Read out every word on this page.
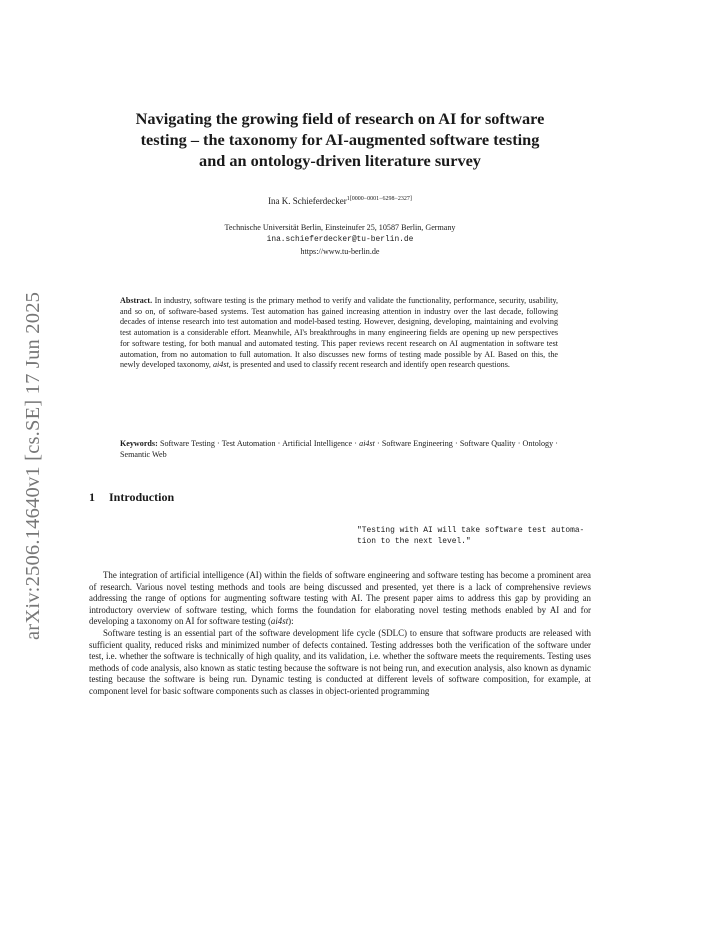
arXiv:2506.14640v1 [cs.SE] 17 Jun 2025
Navigating the growing field of research on AI for software
testing – the taxonomy for AI-augmented software testing
and an ontology-driven literature survey
Ina K. Schieferdecker$^{1[0000-0001-6298-2327]}$
Technische Universität Berlin, Einsteinufer 25, 10587 Berlin, Germany
ina.schieferdecker@tu-berlin.de
https://www.tu-berlin.de

Abstract. In industry, software testing is the primary method to verify and validate the functionality, performance, security, usability, and so on, of software-based systems. Test automation has gained increasing attention in industry over the last decade, following decades of intense research into test automation and model-based testing. However, designing, developing, maintaining and evolving test automation is a considerable effort. Meanwhile, AI's breakthroughs in many engineering fields are opening up new perspectives for software testing, for both manual and automated testing. This paper reviews recent research on AI augmentation in software test automation, from no automation to full automation. It also discusses new forms of testing made possible by AI. Based on this, the newly developed taxonomy, ai4st, is presented and used to classify recent research and identify open research questions.

Keywords: Software Testing · Test Automation · Artificial Intelligence · ai4st · Software Engineering · Software Quality · Ontology · Semantic Web

1 Introduction
"Testing with AI will take software test automa-
tion to the next level."

The integration of artificial intelligence (AI) within the fields of software engineering and software testing has become a prominent area of research. Various novel testing methods and tools are being discussed and presented, yet there is a lack of comprehensive reviews addressing the range of options for augmenting software testing with AI. The present paper aims to address this gap by providing an introductory overview of software testing, which forms the foundation for elaborating novel testing methods enabled by AI and for developing a taxonomy on AI for software testing (ai4st):

Software testing is an essential part of the software development life cycle (SDLC) to ensure that software products are released with sufficient quality, reduced risks and minimized number of defects contained. Testing addresses both the verification of the software under test, i.e. whether the software is technically of high quality, and its validation, i.e. whether the software meets the requirements. Testing uses methods of code analysis, also known as static testing because the software is not being run, and execution analysis, also known as dynamic testing because the software is being run. Dynamic testing is conducted at different levels of software composition, for example, at component level for basic software components such as classes in object-oriented programming
